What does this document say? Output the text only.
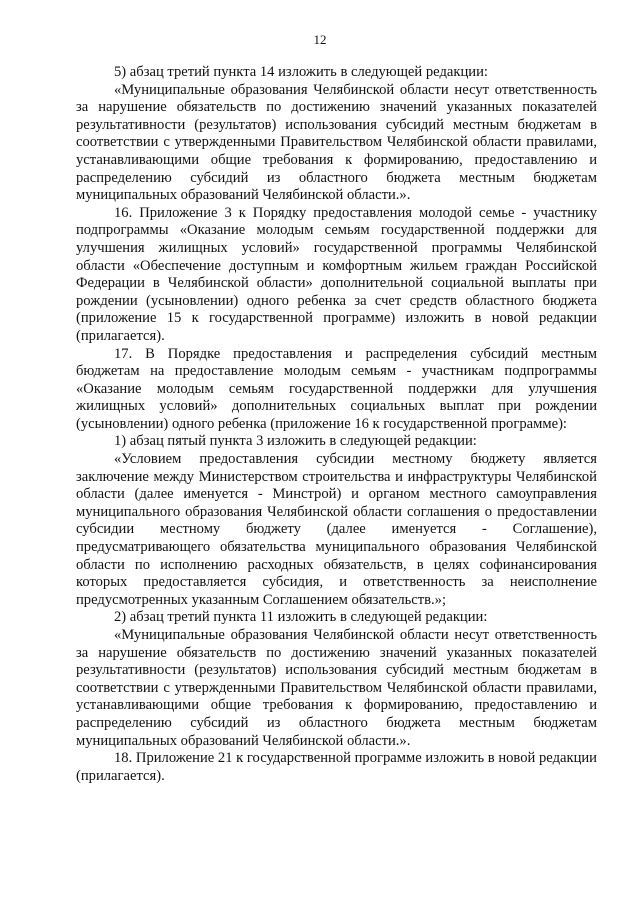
12

5) абзац третий пункта 14 изложить в следующей редакции:

«Муниципальные образования Челябинской области несут ответственность за нарушение обязательств по достижению значений указанных показателей результативности (результатов) использования субсидий местным бюджетам в соответствии с утвержденными Правительством Челябинской области правилами, устанавливающими общие требования к формированию, предоставлению и распределению субсидий из областного бюджета местным бюджетам муниципальных образований Челябинской области.».

16. Приложение 3 к Порядку предоставления молодой семье - участнику подпрограммы «Оказание молодым семьям государственной поддержки для улучшения жилищных условий» государственной программы Челябинской области «Обеспечение доступным и комфортным жильем граждан Российской Федерации в Челябинской области» дополнительной социальной выплаты при рождении (усыновлении) одного ребенка за счет средств областного бюджета (приложение 15 к государственной программе) изложить в новой редакции (прилагается).

17. В Порядке предоставления и распределения субсидий местным бюджетам на предоставление молодым семьям - участникам подпрограммы «Оказание молодым семьям государственной поддержки для улучшения жилищных условий» дополнительных социальных выплат при рождении (усыновлении) одного ребенка (приложение 16 к государственной программе):

1) абзац пятый пункта 3 изложить в следующей редакции:

«Условием предоставления субсидии местному бюджету является заключение между Министерством строительства и инфраструктуры Челябинской области (далее именуется - Минстрой) и органом местного самоуправления муниципального образования Челябинской области соглашения о предоставлении субсидии местному бюджету (далее именуется - Соглашение), предусматривающего обязательства муниципального образования Челябинской области по исполнению расходных обязательств, в целях софинансирования которых предоставляется субсидия, и ответственность за неисполнение предусмотренных указанным Соглашением обязательств.»;

2) абзац третий пункта 11 изложить в следующей редакции:

«Муниципальные образования Челябинской области несут ответственность за нарушение обязательств по достижению значений указанных показателей результативности (результатов) использования субсидий местным бюджетам в соответствии с утвержденными Правительством Челябинской области правилами, устанавливающими общие требования к формированию, предоставлению и распределению субсидий из областного бюджета местным бюджетам муниципальных образований Челябинской области.».

18. Приложение 21 к государственной программе изложить в новой редакции (прилагается).
